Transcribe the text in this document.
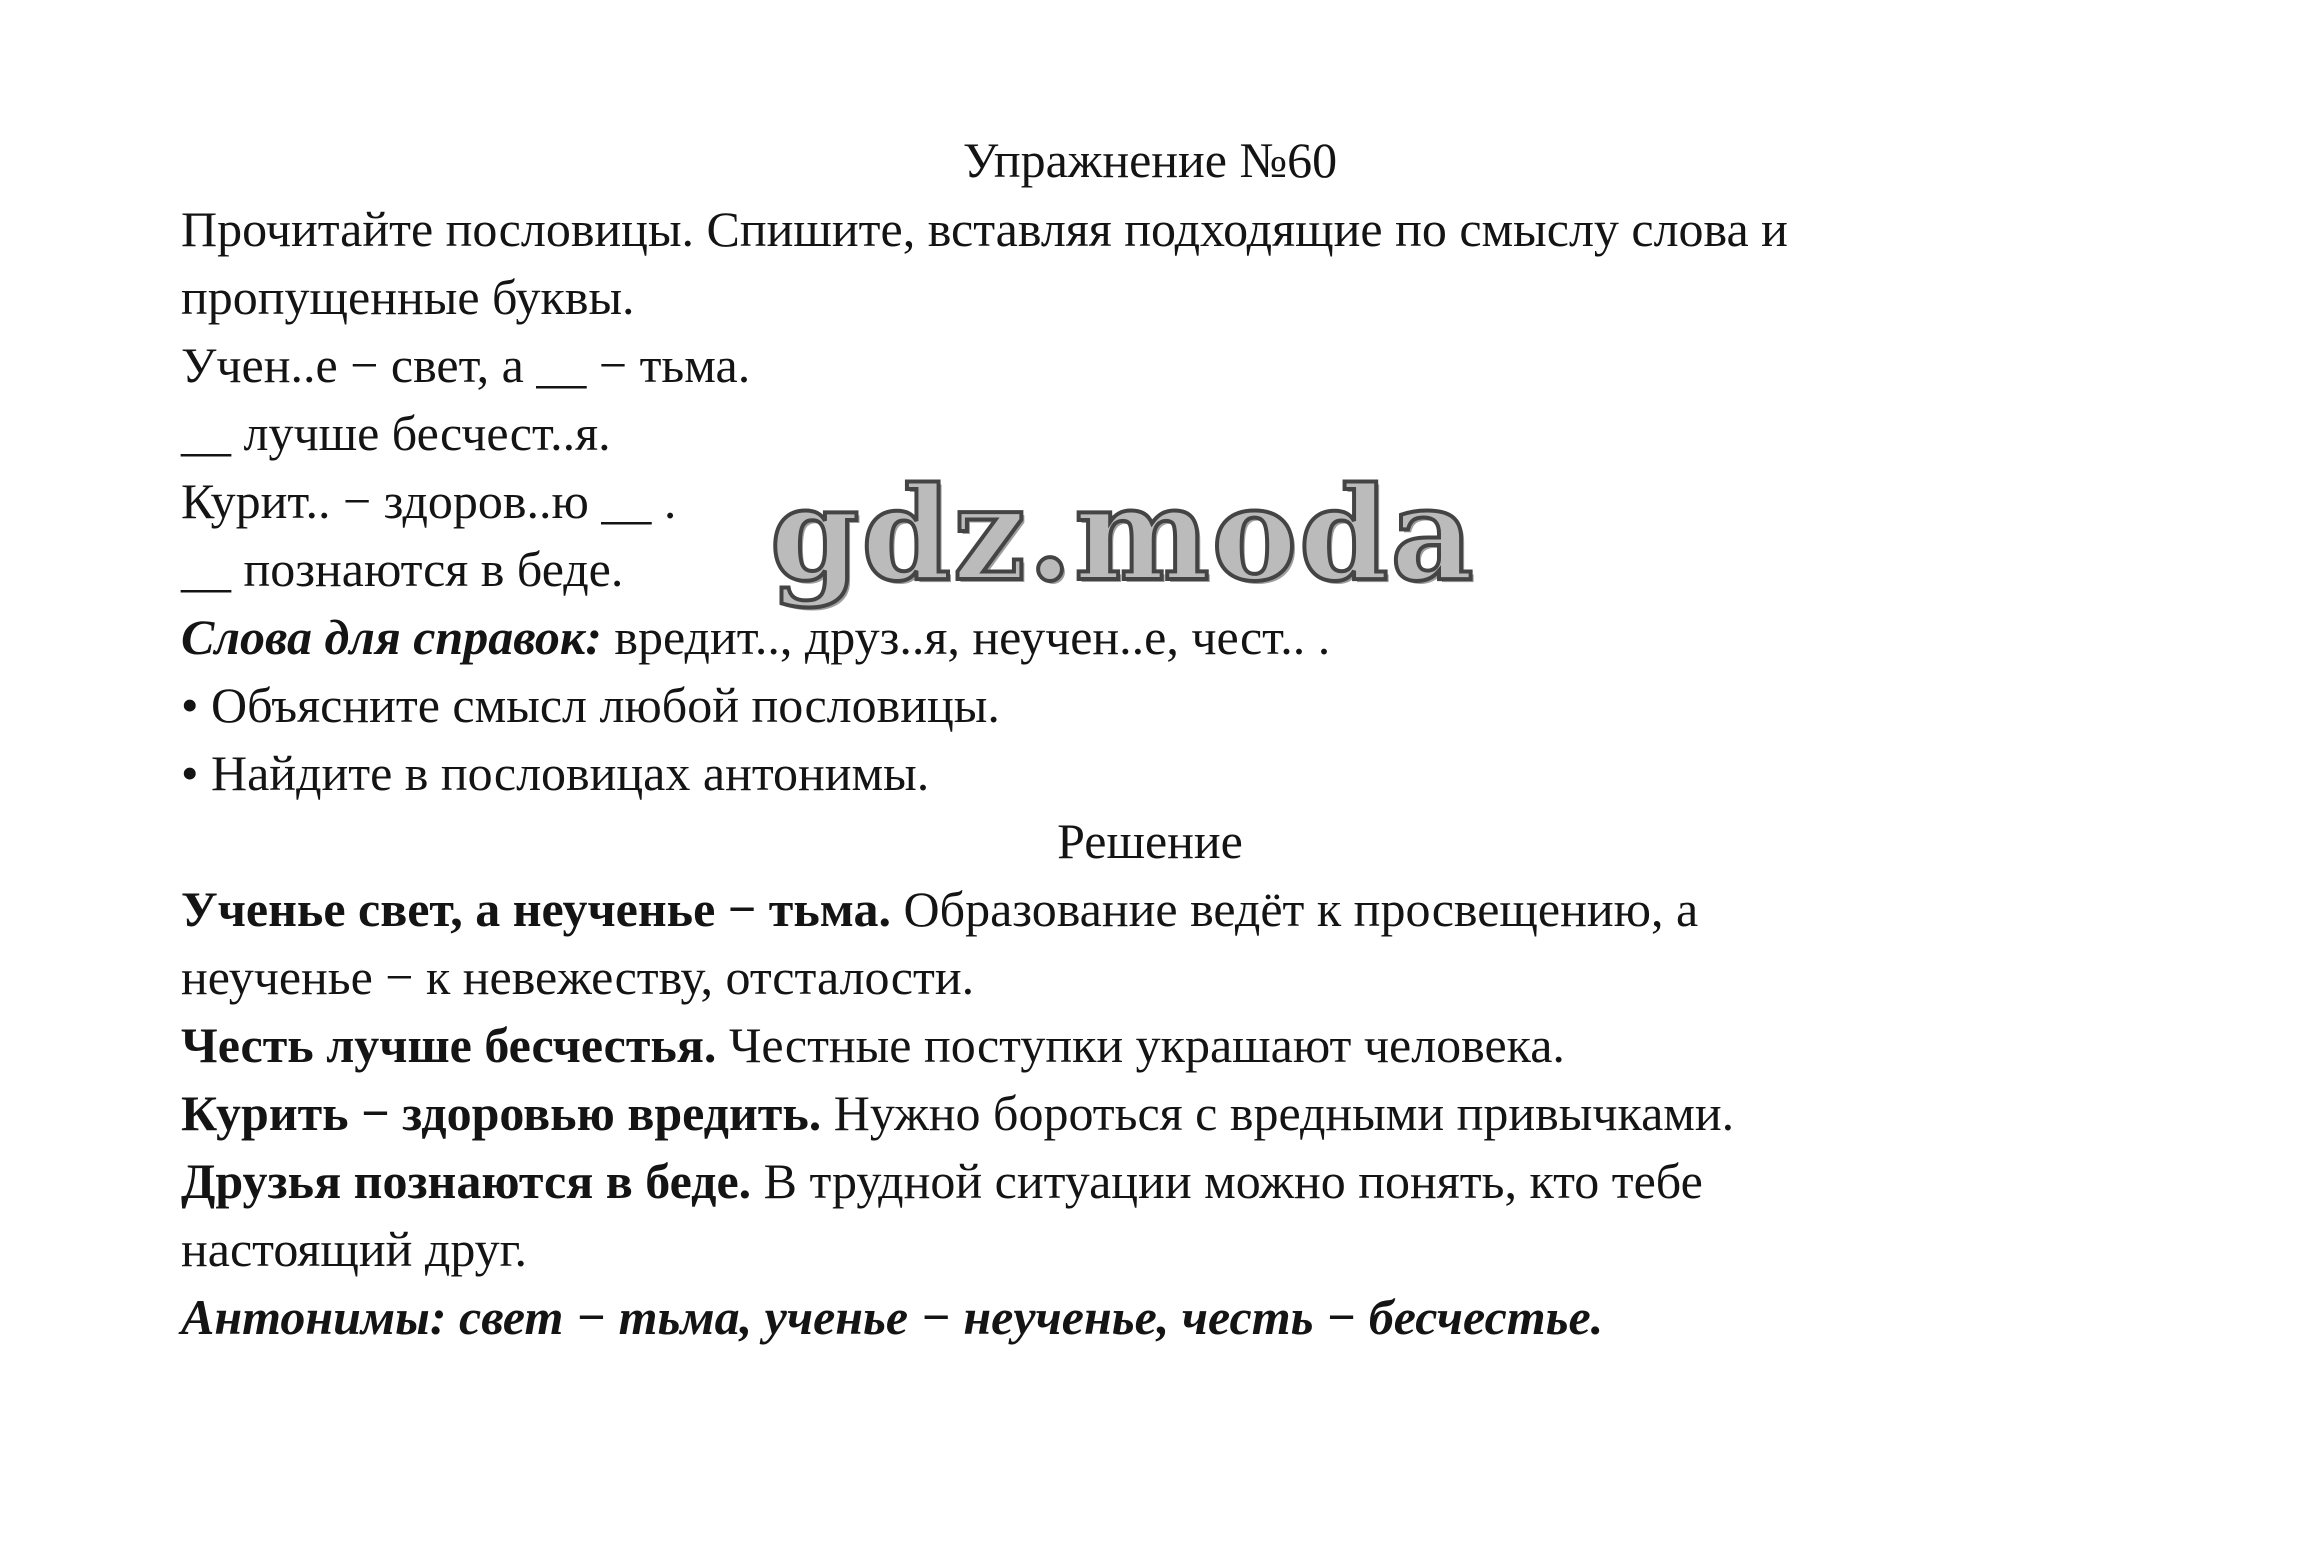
Упражнение №60
Прочитайте пословицы. Спишите, вставляя подходящие по смыслу слова и
пропущенные буквы.
Учен..е − свет, а __ − тьма.
__ лучше бесчест..я.
Курит.. − здоров..ю __ .
__ познаются в беде.
Слова для справок: вредит.., друз..я, неучен..е, чест.. .
• Объясните смысл любой пословицы.
• Найдите в пословицах антонимы.
Решение
Ученье свет, а неученье − тьма. Образование ведёт к просвещению, а
неученье − к невежеству, отсталости.
Честь лучше бесчестья. Честные поступки украшают человека.
Курить − здоровью вредить. Нужно бороться с вредными привычками.
Друзья познаются в беде. В трудной ситуации можно понять, кто тебе
настоящий друг.
Антонимы: свет − тьма, ученье − неученье, честь − бесчестье.
gdz.moda
